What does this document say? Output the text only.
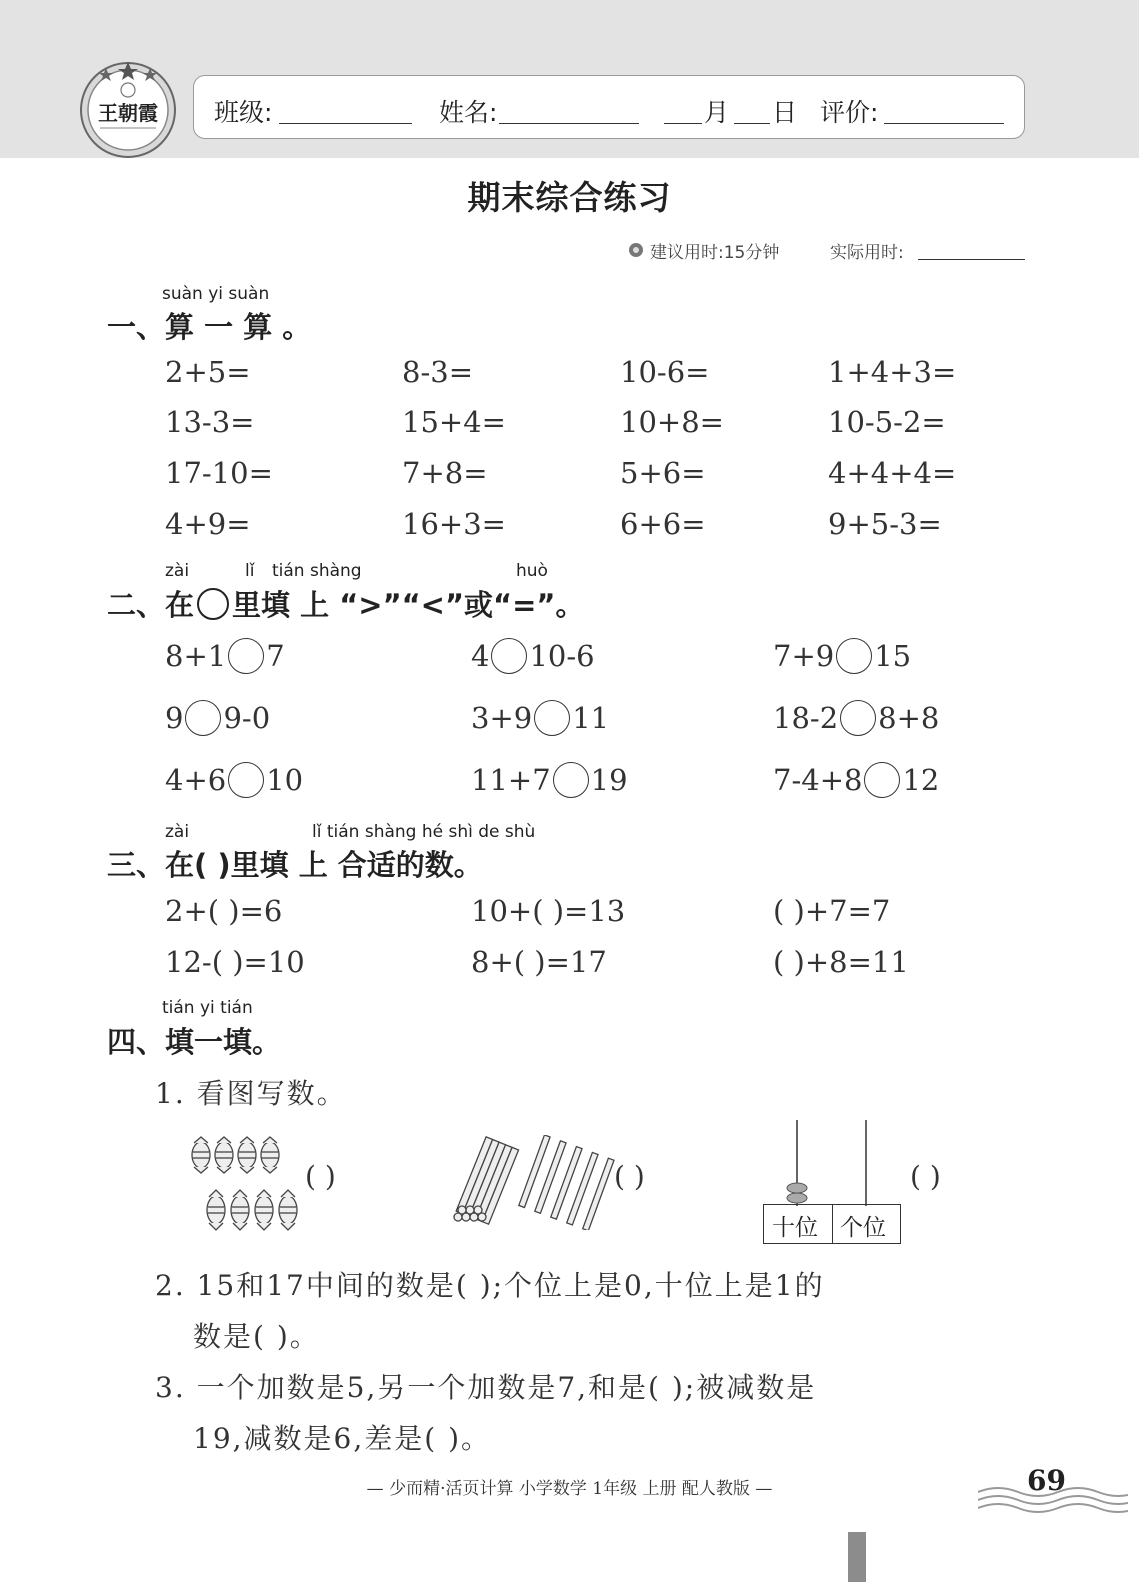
王朝霞 班级:	姓名:	月 日 评价:
期末综合练习
建议用时:15分钟	实际用时:
suàn yi suàn
一、算 一 算 。
2+5=	8-3=	10-6=	1+4+3=
13-3=	15+4=	10+8=	10-5-2=
17-10=	7+8=	5+6=	4+4+4=
4+9=	16+3=	6+6=	9+5-3=
zài	lǐ tián shàng	huò
二、在 里填 上 “>”“<”或“=”。
8+1 7	4 10-6	7+9 15
9 9-0	3+9 11	18-2 8+8
4+6 10	11+7 19	7-4+8 12
zài	lǐ tián shàng hé shì de shù
三、在( )里填 上 合适的数。
2+( )=6	10+( )=13	( )+7=7
12-( )=10	8+( )=17	( )+8=11
tián yi tián
四、填一填。
1. 看图写数。
( )	( )
十位 个位
( )
2. 15和17中间的数是( );个位上是0,十位上是1的
数是( )。
3. 一个加数是5,另一个加数是7,和是( );被减数是
19,减数是6,差是( )。
— 少而精·活页计算 小学数学 1年级 上册 配人教版 —	69
